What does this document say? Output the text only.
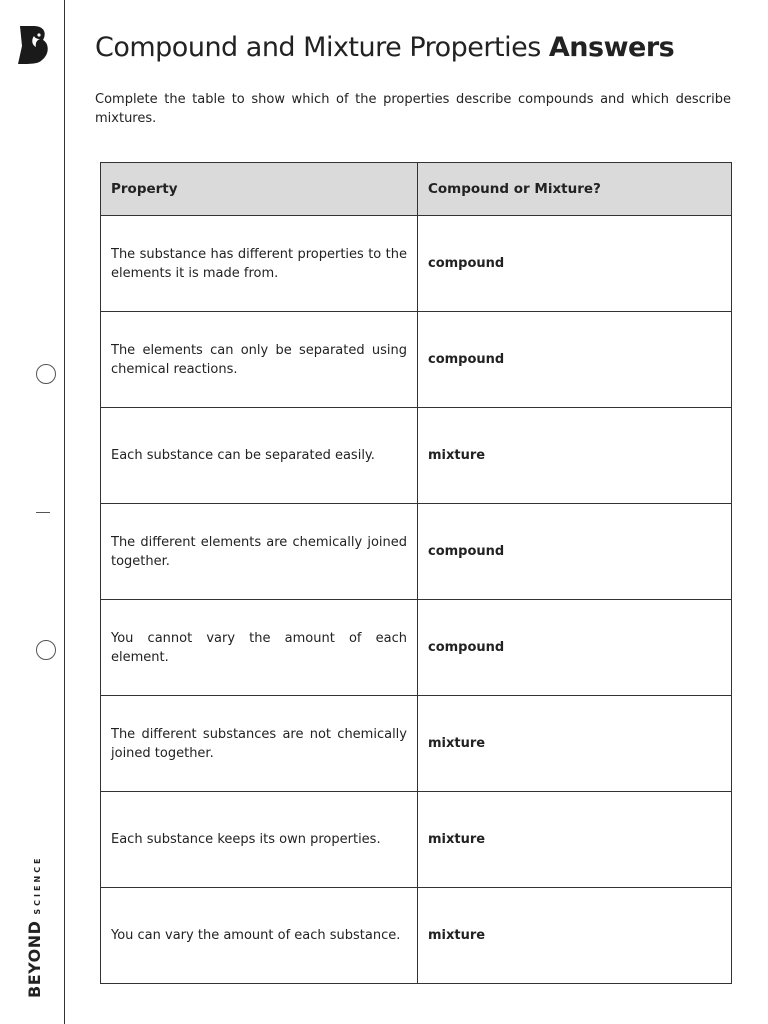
BEYOND
SCIENCE
Compound and Mixture Properties Answers

Complete the table to show which of the properties describe compounds and which describe mixtures.

Property	Compound or Mixture?
The substance has different properties to the elements it is made from.	compound
The elements can only be separated using chemical reactions.	compound
Each substance can be separated easily.	mixture
The different elements are chemically joined together.	compound
You cannot vary the amount of each element.	compound
The different substances are not chemically joined together.	mixture
Each substance keeps its own properties.	mixture
You can vary the amount of each substance.	mixture
